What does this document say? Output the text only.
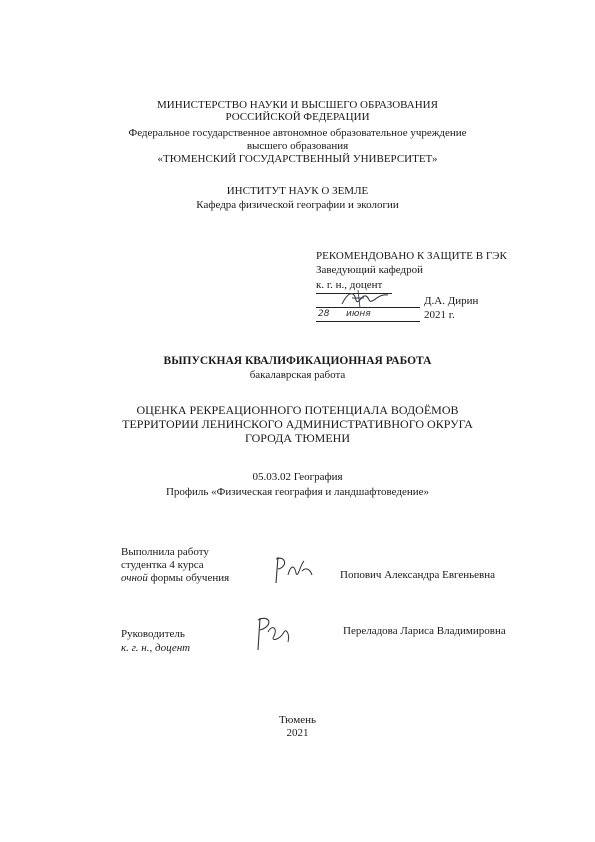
МИНИСТЕРСТВО НАУКИ И ВЫСШЕГО ОБРАЗОВАНИЯ
РОССИЙСКОЙ ФЕДЕРАЦИИ
Федеральное государственное автономное образовательное учреждение
высшего образования
«ТЮМЕНСКИЙ ГОСУДАРСТВЕННЫЙ УНИВЕРСИТЕТ»
ИНСТИТУТ НАУК О ЗЕМЛЕ
Кафедра физической географии и экологии
РЕКОМЕНДОВАНО К ЗАЩИТЕ В ГЭК
Заведующий кафедрой
к. г. н., доцент
Д.А. Дирин
28 июня	2021 г.
ВЫПУСКНАЯ КВАЛИФИКАЦИОННАЯ РАБОТА
бакалаврская работа
ОЦЕНКА РЕКРЕАЦИОННОГО ПОТЕНЦИАЛА ВОДОЁМОВ
ТЕРРИТОРИИ ЛЕНИНСКОГО АДМИНИСТРАТИВНОГО ОКРУГА
ГОРОДА ТЮМЕНИ
05.03.02 География
Профиль «Физическая география и ландшафтоведение»
Выполнила работу
студентка 4 курса
очной формы обучения	Попович Александра Евгеньевна
Руководитель
к. г. н., доцент
Переладова Лариса Владимировна
Тюмень
2021
